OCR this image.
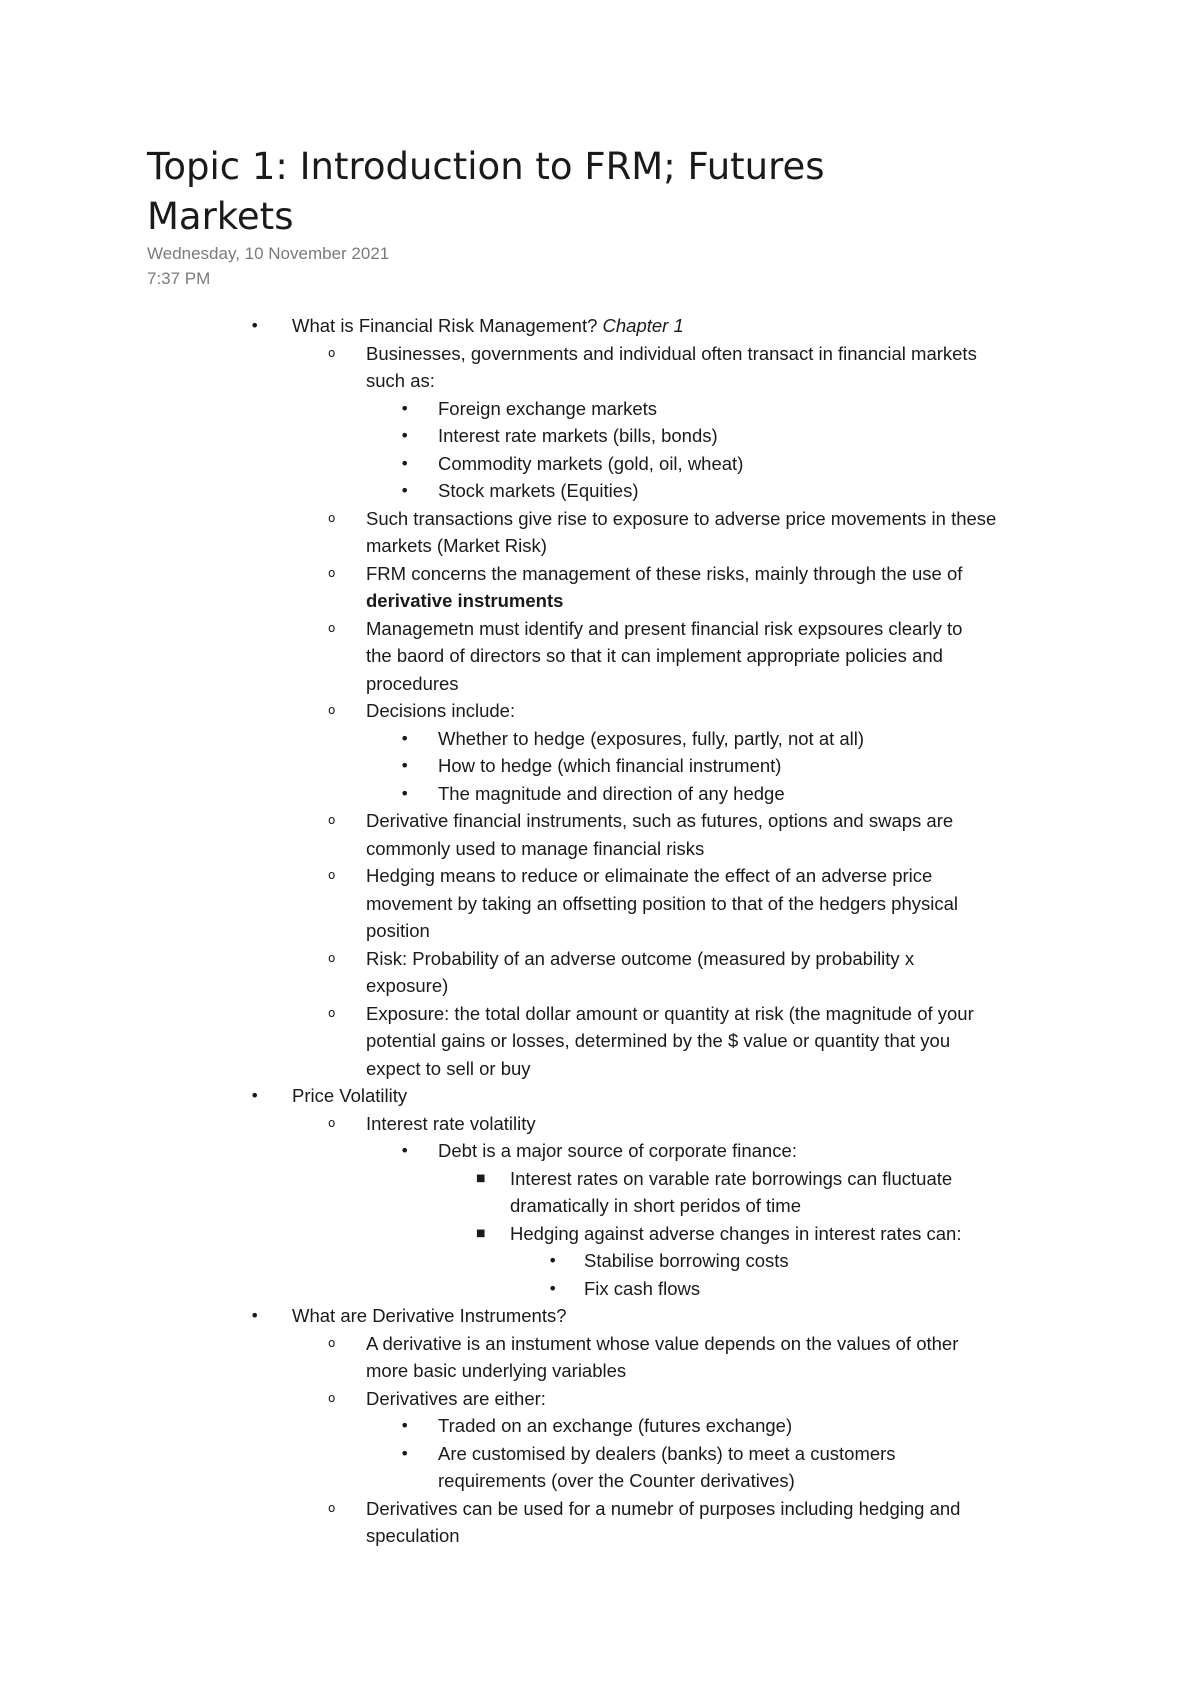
Topic 1: Introduction to FRM; Futures
Markets
Wednesday, 10 November 2021
7:37 PM
• What is Financial Risk Management? Chapter 1
o Businesses, governments and individual often transact in financial markets
such as:
• Foreign exchange markets
• Interest rate markets (bills, bonds)
• Commodity markets (gold, oil, wheat)
• Stock markets (Equities)
o Such transactions give rise to exposure to adverse price movements in these
markets (Market Risk)
o FRM concerns the management of these risks, mainly through the use of
derivative instruments
o Managemetn must identify and present financial risk expsoures clearly to
the baord of directors so that it can implement appropriate policies and
procedures
o Decisions include:
• Whether to hedge (exposures, fully, partly, not at all)
• How to hedge (which financial instrument)
• The magnitude and direction of any hedge
o Derivative financial instruments, such as futures, options and swaps are
commonly used to manage financial risks
o Hedging means to reduce or elimainate the effect of an adverse price
movement by taking an offsetting position to that of the hedgers physical
position
o Risk: Probability of an adverse outcome (measured by probability x
exposure)
o Exposure: the total dollar amount or quantity at risk (the magnitude of your
potential gains or losses, determined by the $ value or quantity that you
expect to sell or buy
• Price Volatility
o Interest rate volatility
• Debt is a major source of corporate finance:
■ Interest rates on varable rate borrowings can fluctuate
dramatically in short peridos of time
■ Hedging against adverse changes in interest rates can:
• Stabilise borrowing costs
• Fix cash flows
• What are Derivative Instruments?
o A derivative is an instument whose value depends on the values of other
more basic underlying variables
o Derivatives are either:
• Traded on an exchange (futures exchange)
• Are customised by dealers (banks) to meet a customers
requirements (over the Counter derivatives)
o Derivatives can be used for a numebr of purposes including hedging and
speculation
